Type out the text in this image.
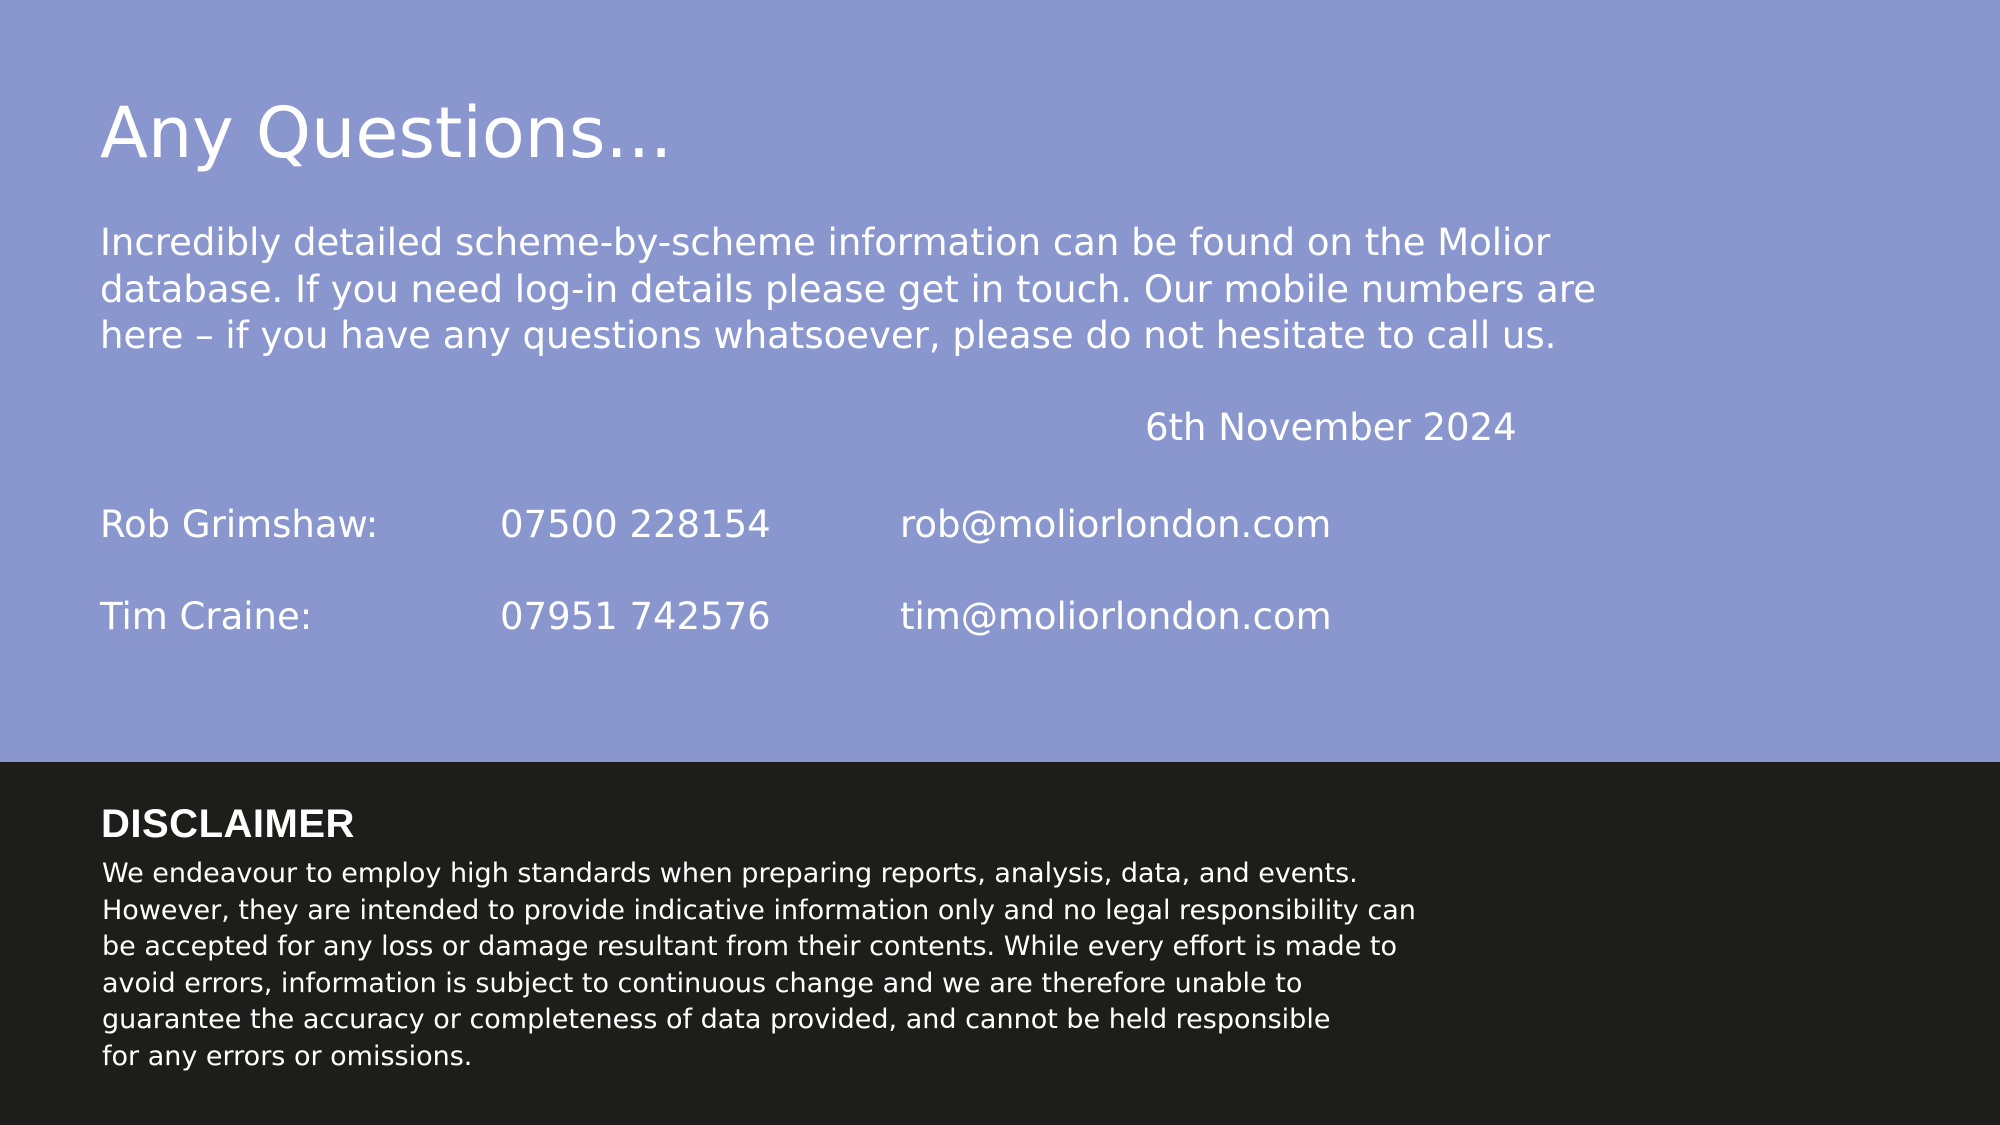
Any Questions...
Incredibly detailed scheme-by-scheme information can be found on the Molior
database. If you need log-in details please get in touch. Our mobile numbers are
here – if you have any questions whatsoever, please do not hesitate to call us.
6th November 2024
Rob Grimshaw:	07500 228154	rob@moliorlondon.com
Tim Craine:	07951 742576	tim@moliorlondon.com
DISCLAIMER
We endeavour to employ high standards when preparing reports, analysis, data, and events.
However, they are intended to provide indicative information only and no legal responsibility can
be accepted for any loss or damage resultant from their contents. While every effort is made to
avoid errors, information is subject to continuous change and we are therefore unable to
guarantee the accuracy or completeness of data provided, and cannot be held responsible
for any errors or omissions.
